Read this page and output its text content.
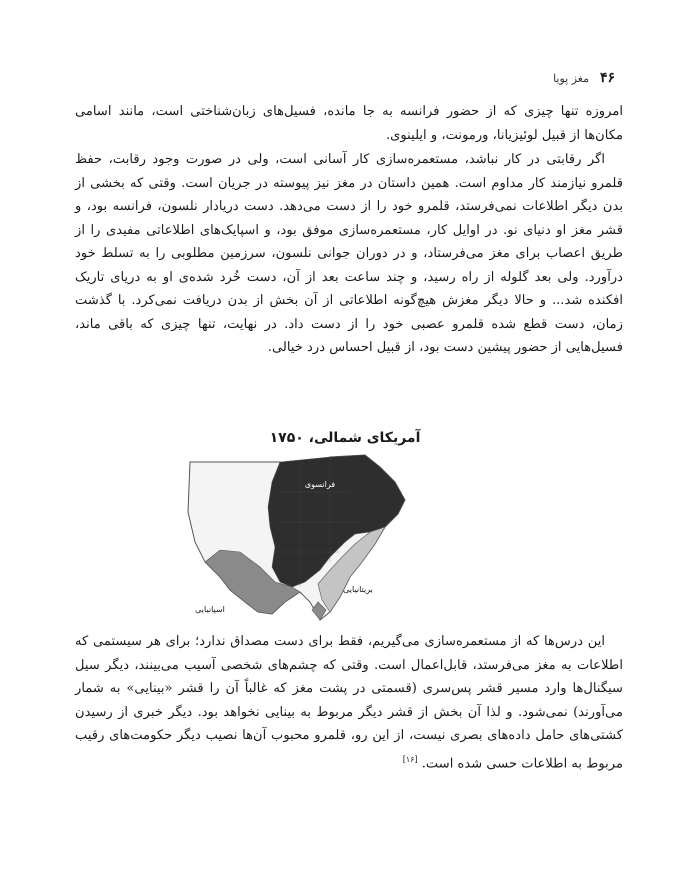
۴۶
مغز پویا
امروزه تنها چیزی که از حضور فرانسه به جا مانده، فسیل‌های زبان‌شناختی است، مانند اسامی مکان‌ها از قبیل لوئیزیانا، ورمونت، و ایلینوی.
اگر رقابتی در کار نباشد، مستعمره‌سازی کار آسانی است، ولی در صورت وجود رقابت، حفظ قلمرو نیازمند کار مداوم است. همین داستان در مغز نیز پیوسته در جریان است. وقتی که بخشی از بدن دیگر اطلاعات نمی‌فرستد، قلمرو خود را از دست می‌دهد. دست دریادار نلسون، فرانسه بود، و قشر مغز او دنیای نو. در اوایل کار، مستعمره‌سازی موفق بود، و اسپایک‌های اطلاعاتی مفیدی را از طریق اعصاب برای مغز می‌فرستاد، و در دوران جوانی نلسون، سرزمین مطلوبی را به تسلط خود درآورد. ولی بعد گلوله از راه رسید، و چند ساعت بعد از آن، دست خُرد شده‌ی او به دریای تاریک افکنده شد... و حالا دیگر مغزش هیچ‌گونه اطلاعاتی از آن بخش از بدن دریافت نمی‌کرد. با گذشت زمان، دست قطع شده قلمرو عصبی خود را از دست داد. در نهایت، تنها چیزی که باقی ماند، فسیل‌هایی از حضور پیشین دست بود، از قبیل احساس درد خیالی.
آمریکای شمالی، ۱۷۵۰
فرانسوی
بریتانیایی
اسپانیایی
این درس‌ها که از مستعمره‌سازی می‌گیریم، فقط برای دست مصداق ندارد؛ برای هر سیستمی که اطلاعات به مغز می‌فرستد، قابل‌اعمال است. وقتی که چشم‌های شخصی آسیب می‌بینند، دیگر سیل سیگنال‌ها وارد مسیر قشر پس‌سری (قسمتی در پشت مغز که غالباً آن را قشر «بینایی» به شمار می‌آورند) نمی‌شود. و لذا آن بخش از قشر دیگر مربوط به بینایی نخواهد بود. دیگر خبری از رسیدن کشتی‌های حامل داده‌های بصری نیست، از این رو، قلمرو محبوب آن‌ها نصیب دیگر حکومت‌های رقیب مربوط به اطلاعات حسی شده است. [۱۶]
